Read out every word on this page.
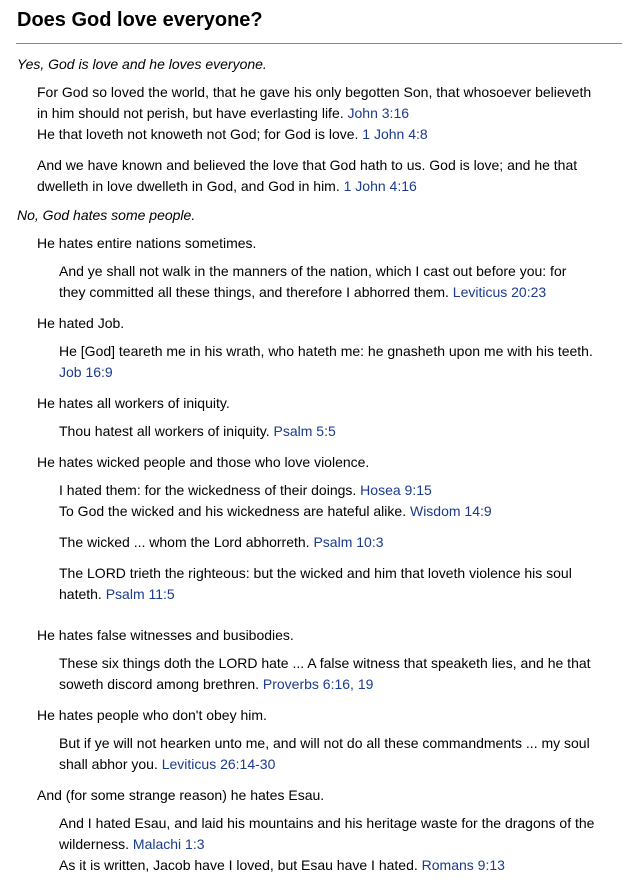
Does God love everyone?
Yes, God is love and he loves everyone.

For God so loved the world, that he gave his only begotten Son, that whosoever believeth in him should not perish, but have everlasting life. John 3:16

He that loveth not knoweth not God; for God is love. 1 John 4:8

And we have known and believed the love that God hath to us. God is love; and he that dwelleth in love dwelleth in God, and God in him. 1 John 4:16

No, God hates some people.
He hates entire nations sometimes.

And ye shall not walk in the manners of the nation, which I cast out before you: for they committed all these things, and therefore I abhorred them. Leviticus 20:23

He hated Job.

He [God] teareth me in his wrath, who hateth me: he gnasheth upon me with his teeth. Job 16:9

He hates all workers of iniquity.

Thou hatest all workers of iniquity. Psalm 5:5

He hates wicked people and those who love violence.

I hated them: for the wickedness of their doings. Hosea 9:15

To God the wicked and his wickedness are hateful alike. Wisdom 14:9

The wicked ... whom the Lord abhorreth. Psalm 10:3

The LORD trieth the righteous: but the wicked and him that loveth violence his soul hateth. Psalm 11:5

He hates false witnesses and busibodies.

These six things doth the LORD hate ... A false witness that speaketh lies, and he that soweth discord among brethren. Proverbs 6:16, 19

He hates people who don't obey him.

But if ye will not hearken unto me, and will not do all these commandments ... my soul shall abhor you. Leviticus 26:14-30

And (for some strange reason) he hates Esau.

And I hated Esau, and laid his mountains and his heritage waste for the dragons of the wilderness. Malachi 1:3

As it is written, Jacob have I loved, but Esau have I hated. Romans 9:13
